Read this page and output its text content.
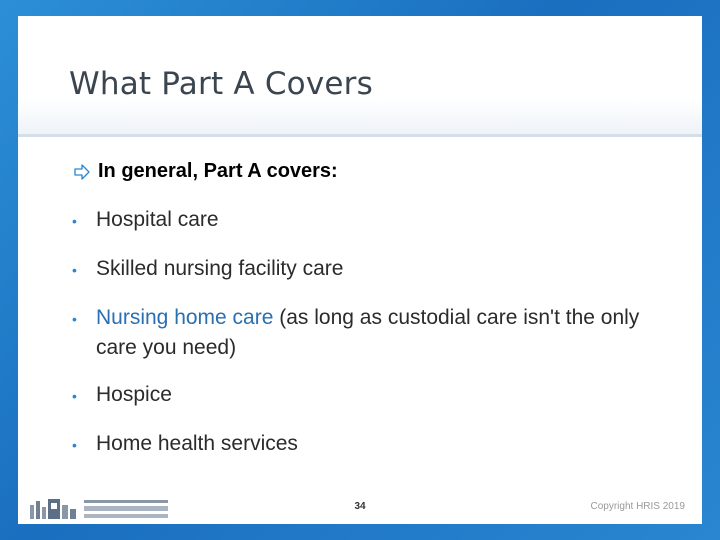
What Part A Covers
In general, Part A covers:
• Hospital care
• Skilled nursing facility care
• Nursing home care (as long as custodial care isn't the only care you need)
• Hospice
• Home health services
34	Copyright HRIS 2019
